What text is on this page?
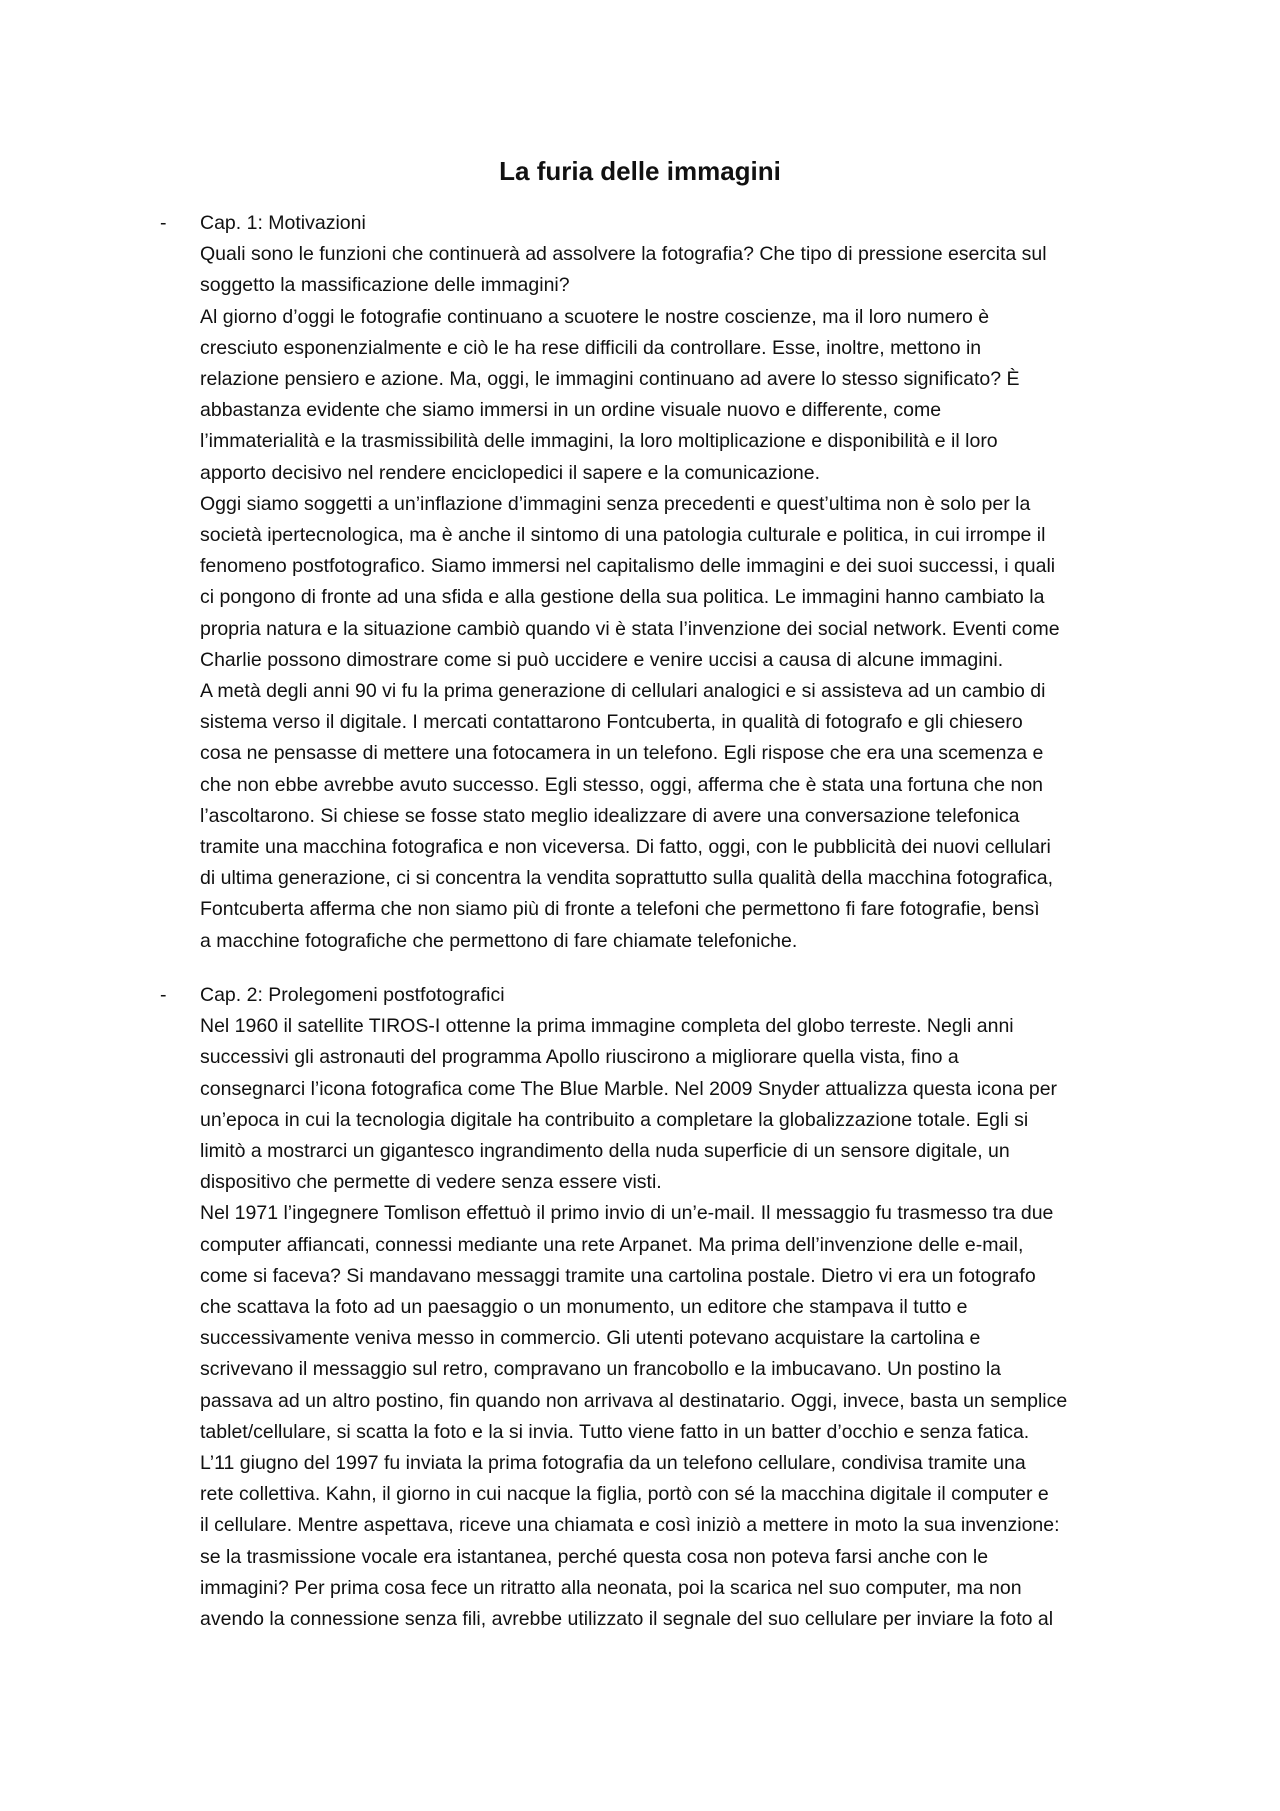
La furia delle immagini
- Cap. 1: Motivazioni
Quali sono le funzioni che continuerà ad assolvere la fotografia? Che tipo di pressione esercita sul
soggetto la massificazione delle immagini?
Al giorno d’oggi le fotografie continuano a scuotere le nostre coscienze, ma il loro numero è
cresciuto esponenzialmente e ciò le ha rese difficili da controllare. Esse, inoltre, mettono in
relazione pensiero e azione. Ma, oggi, le immagini continuano ad avere lo stesso significato? È
abbastanza evidente che siamo immersi in un ordine visuale nuovo e differente, come
l’immaterialità e la trasmissibilità delle immagini, la loro moltiplicazione e disponibilità e il loro
apporto decisivo nel rendere enciclopedici il sapere e la comunicazione.
Oggi siamo soggetti a un’inflazione d’immagini senza precedenti e quest’ultima non è solo per la
società ipertecnologica, ma è anche il sintomo di una patologia culturale e politica, in cui irrompe il
fenomeno postfotografico. Siamo immersi nel capitalismo delle immagini e dei suoi successi, i quali
ci pongono di fronte ad una sfida e alla gestione della sua politica. Le immagini hanno cambiato la
propria natura e la situazione cambiò quando vi è stata l’invenzione dei social network. Eventi come
Charlie possono dimostrare come si può uccidere e venire uccisi a causa di alcune immagini.
A metà degli anni 90 vi fu la prima generazione di cellulari analogici e si assisteva ad un cambio di
sistema verso il digitale. I mercati contattarono Fontcuberta, in qualità di fotografo e gli chiesero
cosa ne pensasse di mettere una fotocamera in un telefono. Egli rispose che era una scemenza e
che non ebbe avrebbe avuto successo. Egli stesso, oggi, afferma che è stata una fortuna che non
l’ascoltarono. Si chiese se fosse stato meglio idealizzare di avere una conversazione telefonica
tramite una macchina fotografica e non viceversa. Di fatto, oggi, con le pubblicità dei nuovi cellulari
di ultima generazione, ci si concentra la vendita soprattutto sulla qualità della macchina fotografica,
Fontcuberta afferma che non siamo più di fronte a telefoni che permettono fi fare fotografie, bensì
a macchine fotografiche che permettono di fare chiamate telefoniche.
- Cap. 2: Prolegomeni postfotografici
Nel 1960 il satellite TIROS-I ottenne la prima immagine completa del globo terreste. Negli anni
successivi gli astronauti del programma Apollo riuscirono a migliorare quella vista, fino a
consegnarci l’icona fotografica come The Blue Marble. Nel 2009 Snyder attualizza questa icona per
un’epoca in cui la tecnologia digitale ha contribuito a completare la globalizzazione totale. Egli si
limitò a mostrarci un gigantesco ingrandimento della nuda superficie di un sensore digitale, un
dispositivo che permette di vedere senza essere visti.
Nel 1971 l’ingegnere Tomlison effettuò il primo invio di un’e-mail. Il messaggio fu trasmesso tra due
computer affiancati, connessi mediante una rete Arpanet. Ma prima dell’invenzione delle e-mail,
come si faceva? Si mandavano messaggi tramite una cartolina postale. Dietro vi era un fotografo
che scattava la foto ad un paesaggio o un monumento, un editore che stampava il tutto e
successivamente veniva messo in commercio. Gli utenti potevano acquistare la cartolina e
scrivevano il messaggio sul retro, compravano un francobollo e la imbucavano. Un postino la
passava ad un altro postino, fin quando non arrivava al destinatario. Oggi, invece, basta un semplice
tablet/cellulare, si scatta la foto e la si invia. Tutto viene fatto in un batter d’occhio e senza fatica.
L’11 giugno del 1997 fu inviata la prima fotografia da un telefono cellulare, condivisa tramite una
rete collettiva. Kahn, il giorno in cui nacque la figlia, portò con sé la macchina digitale il computer e
il cellulare. Mentre aspettava, riceve una chiamata e così iniziò a mettere in moto la sua invenzione:
se la trasmissione vocale era istantanea, perché questa cosa non poteva farsi anche con le
immagini? Per prima cosa fece un ritratto alla neonata, poi la scarica nel suo computer, ma non
avendo la connessione senza fili, avrebbe utilizzato il segnale del suo cellulare per inviare la foto al
